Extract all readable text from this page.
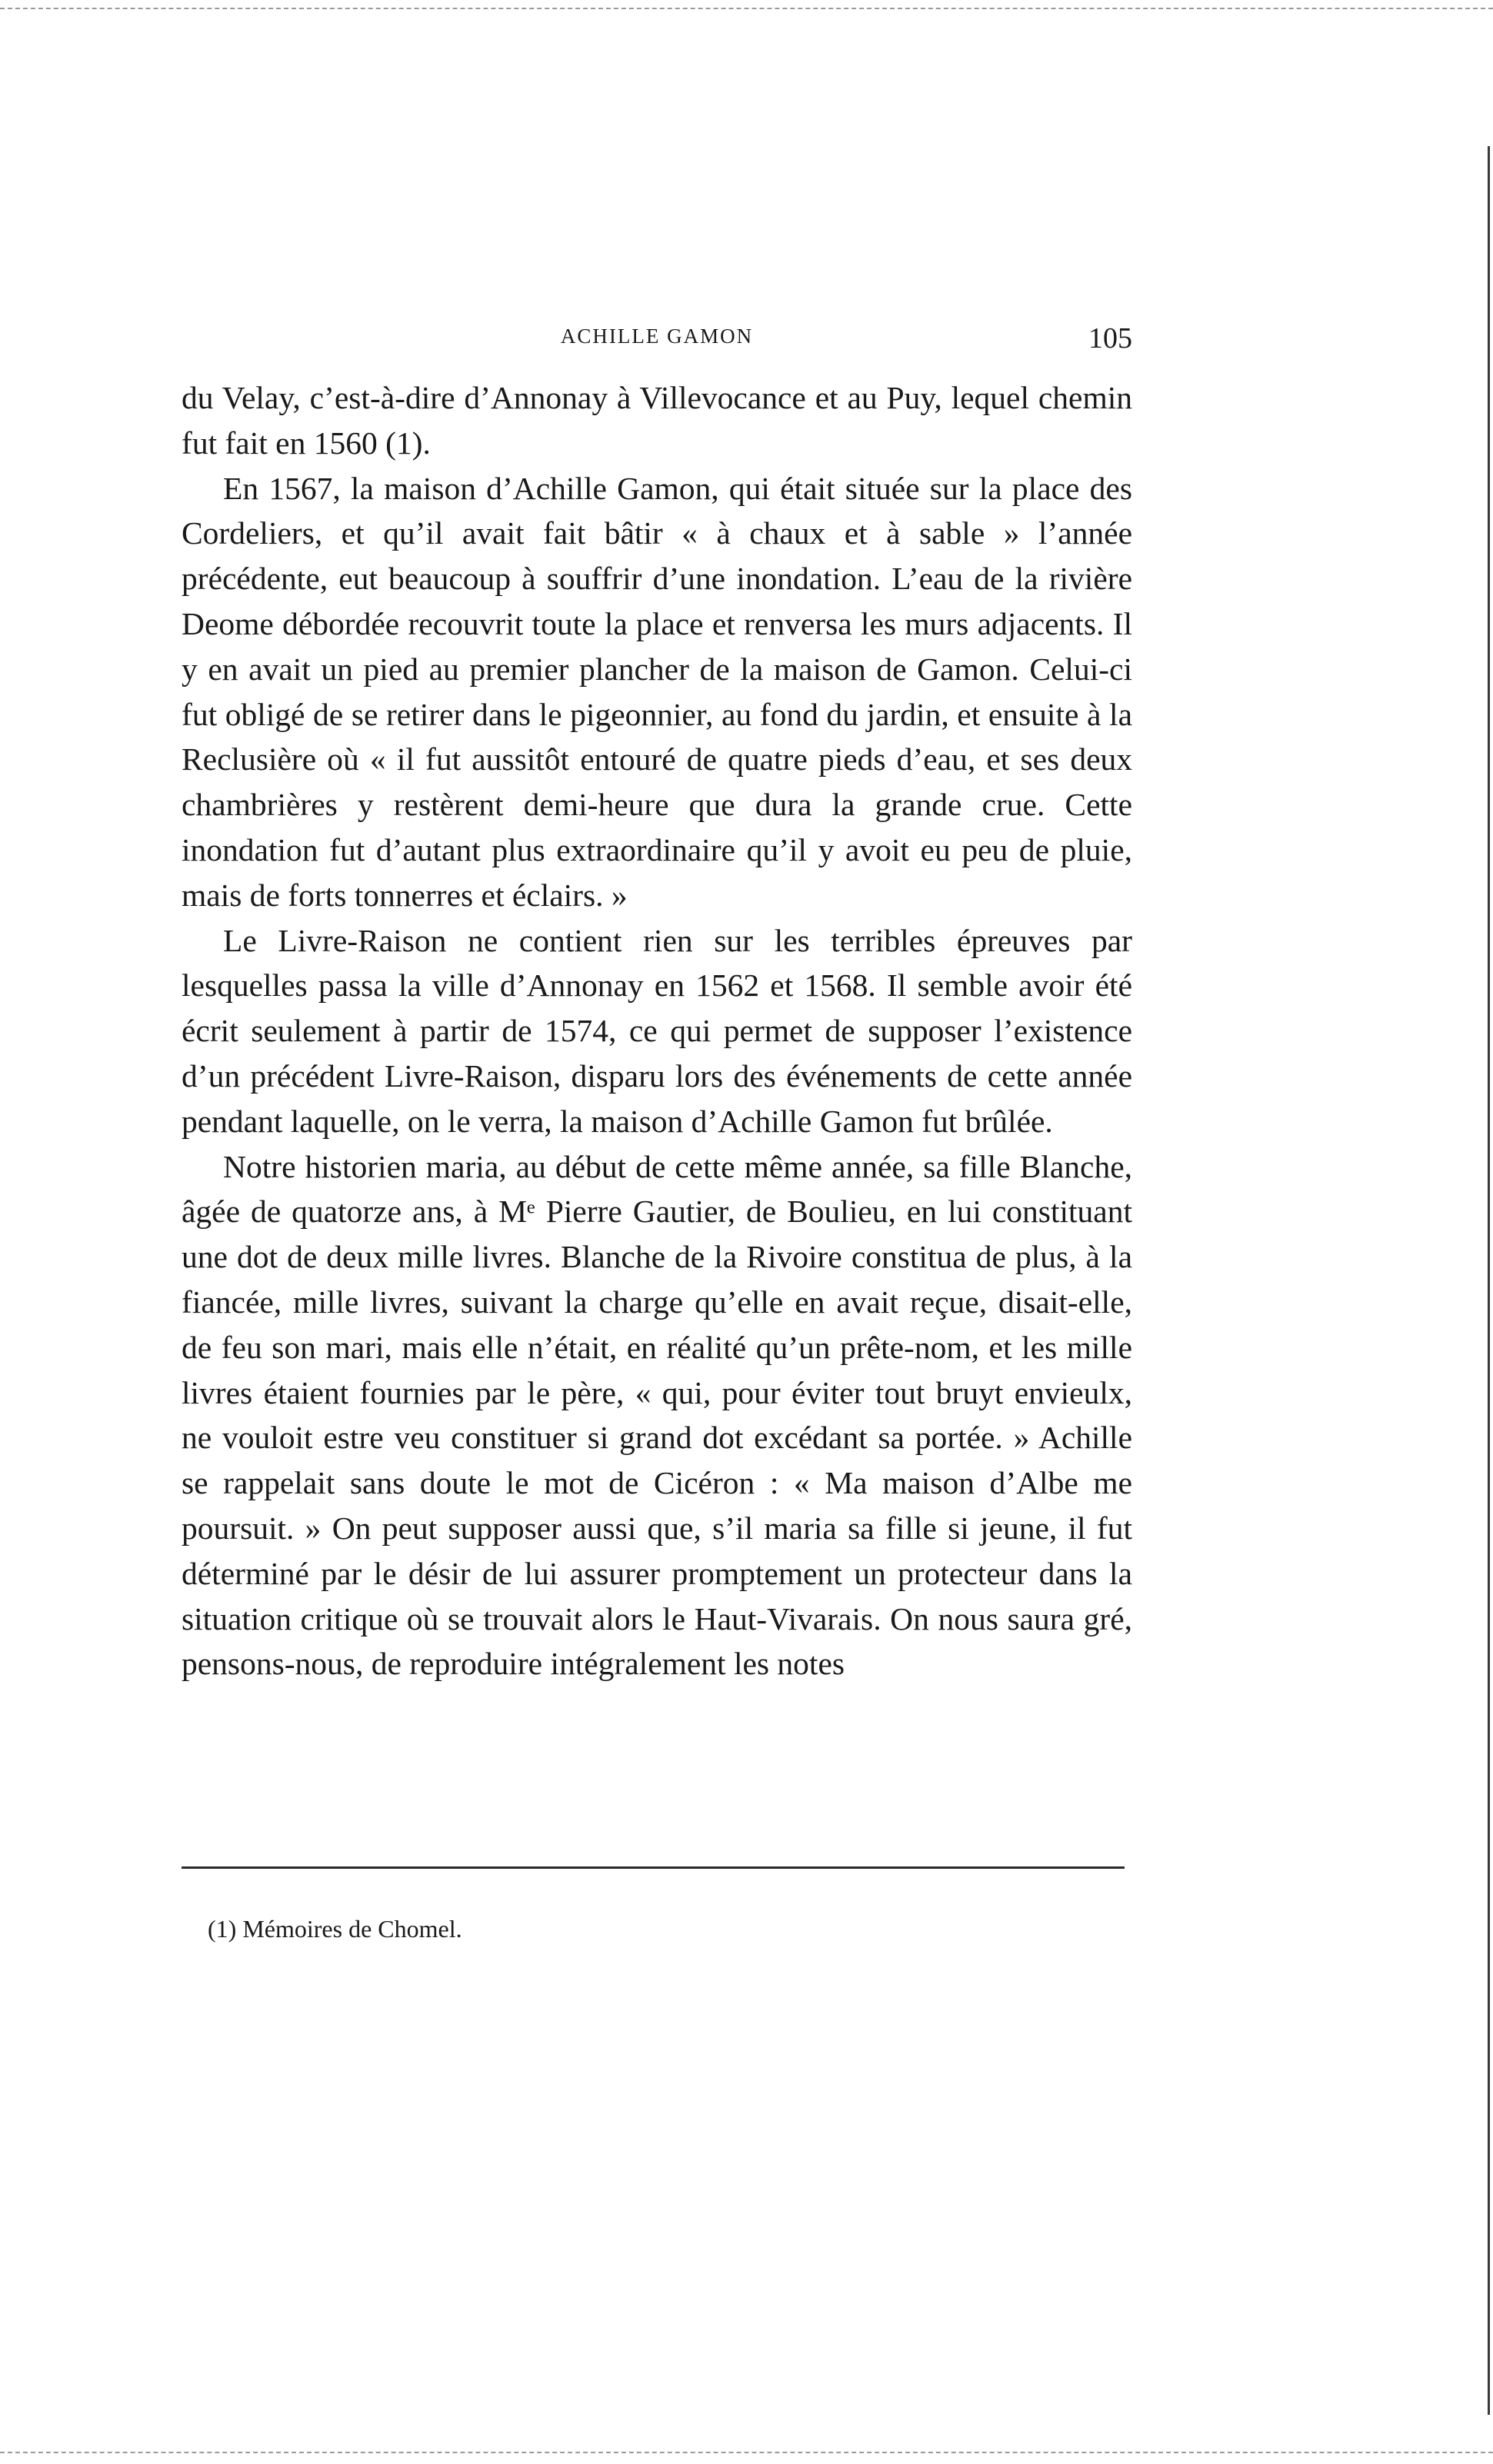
ACHILLE GAMON	105

du Velay, c’est-à-dire d’Annonay à Villevocance et au Puy, lequel chemin fut fait en 1560 (1).

En 1567, la maison d’Achille Gamon, qui était située sur la place des Cordeliers, et qu’il avait fait bâtir « à chaux et à sable » l’année précédente, eut beaucoup à souffrir d’une inondation. L’eau de la rivière Deome débordée recouvrit toute la place et renversa les murs adjacents. Il y en avait un pied au premier plancher de la maison de Gamon. Celui-ci fut obligé de se retirer dans le pigeonnier, au fond du jardin, et ensuite à la Reclusière où « il fut aussitôt entouré de quatre pieds d’eau, et ses deux chambrières y restèrent demi-heure que dura la grande crue. Cette inondation fut d’autant plus extraordinaire qu’il y avoit eu peu de pluie, mais de forts tonnerres et éclairs. »

Le Livre-Raison ne contient rien sur les terribles épreuves par lesquelles passa la ville d’Annonay en 1562 et 1568. Il semble avoir été écrit seulement à partir de 1574, ce qui permet de supposer l’existence d’un précédent Livre-Raison, disparu lors des événements de cette année pendant laquelle, on le verra, la maison d’Achille Gamon fut brûlée.

Notre historien maria, au début de cette même année, sa fille Blanche, âgée de quatorze ans, à Mᵉ Pierre Gautier, de Boulieu, en lui constituant une dot de deux mille livres. Blanche de la Rivoire constitua de plus, à la fiancée, mille livres, suivant la charge qu’elle en avait reçue, disait-elle, de feu son mari, mais elle n’était, en réalité qu’un prête-nom, et les mille livres étaient fournies par le père, « qui, pour éviter tout bruyt envieulx, ne vouloit estre veu constituer si grand dot excédant sa portée. » Achille se rappelait sans doute le mot de Cicéron : « Ma maison d’Albe me poursuit. » On peut supposer aussi que, s’il maria sa fille si jeune, il fut déterminé par le désir de lui assurer promptement un protecteur dans la situation critique où se trouvait alors le Haut-Vivarais. On nous saura gré, pensons-nous, de reproduire intégralement les notes

(1) Mémoires de Chomel.
